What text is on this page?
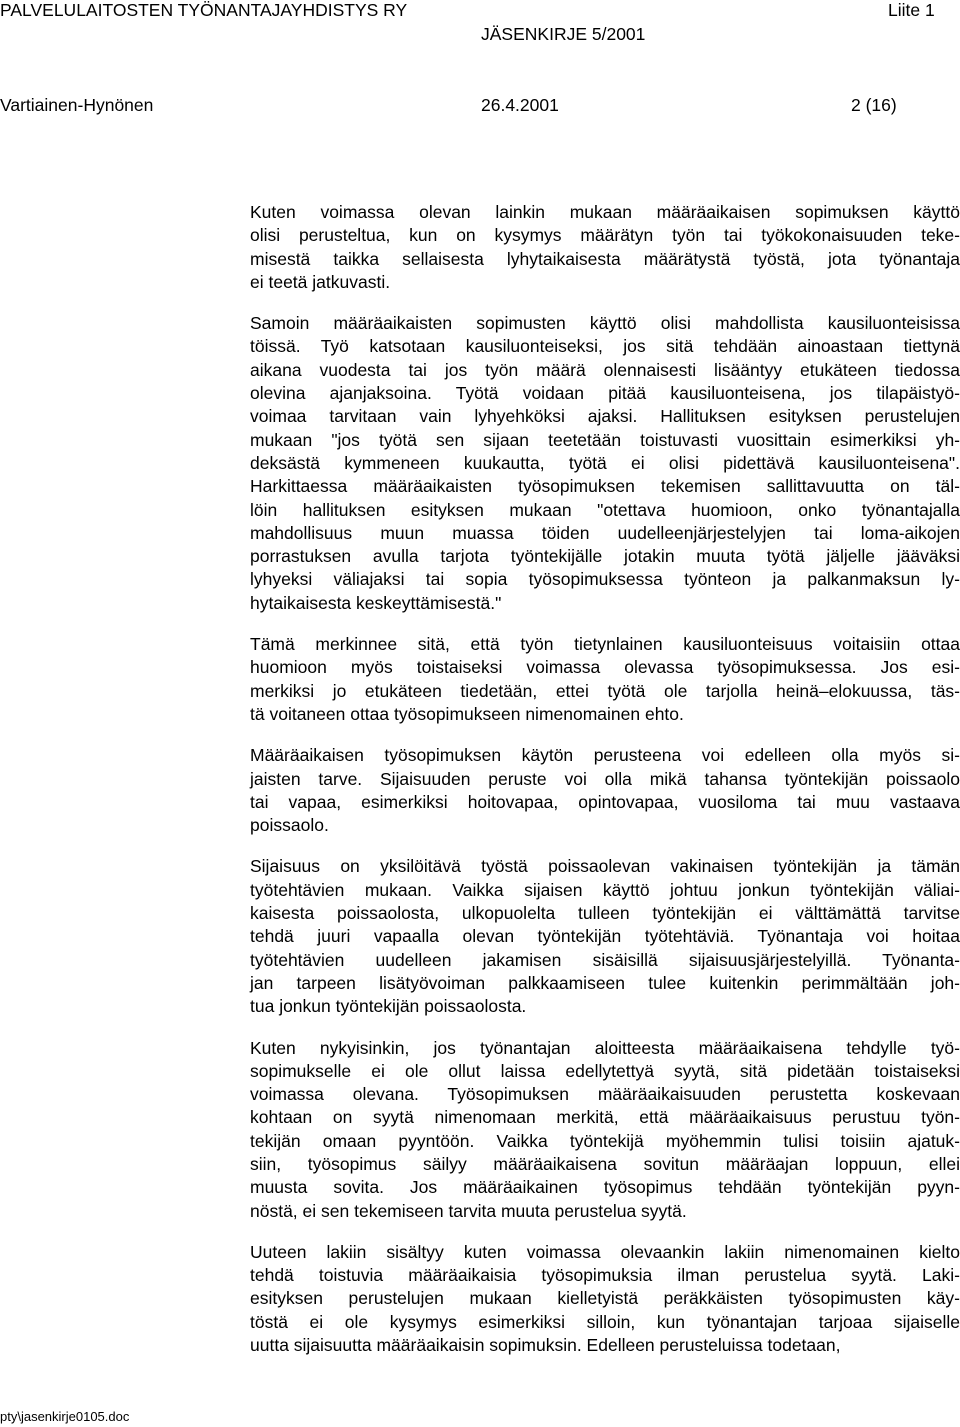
PALVELULAITOSTEN TYÖNANTAJAYHDISTYS RY	Liite 1
JÄSENKIRJE 5/2001
Vartiainen-Hynönen	26.4.2001	2 (16)
Kuten voimassa olevan lainkin mukaan määräaikaisen sopimuksen käyttö
olisi perusteltua, kun on kysymys määrätyn työn tai työkokonaisuuden teke-
misestä taikka sellaisesta lyhytaikaisesta määrätystä työstä, jota työnantaja
ei teetä jatkuvasti.
Samoin määräaikaisten sopimusten käyttö olisi mahdollista kausiluonteisissa
töissä. Työ katsotaan kausiluonteiseksi, jos sitä tehdään ainoastaan tiettynä
aikana vuodesta tai jos työn määrä olennaisesti lisääntyy etukäteen tiedossa
olevina ajanjaksoina. Työtä voidaan pitää kausiluonteisena, jos tilapäistyö-
voimaa tarvitaan vain lyhyehköksi ajaksi. Hallituksen esityksen perustelujen
mukaan "jos työtä sen sijaan teetetään toistuvasti vuosittain esimerkiksi yh-
deksästä kymmeneen kuukautta, työtä ei olisi pidettävä kausiluonteisena".
Harkittaessa määräaikaisten työsopimuksen tekemisen sallittavuutta on täl-
löin hallituksen esityksen mukaan "otettava huomioon, onko työnantajalla
mahdollisuus muun muassa töiden uudelleenjärjestelyjen tai loma-aikojen
porrastuksen avulla tarjota työntekijälle jotakin muuta työtä jäljelle jääväksi
lyhyeksi väliajaksi tai sopia työsopimuksessa työnteon ja palkanmaksun ly-
hytaikaisesta keskeyttämisestä."
Tämä merkinnee sitä, että työn tietynlainen kausiluonteisuus voitaisiin ottaa
huomioon myös toistaiseksi voimassa olevassa työsopimuksessa. Jos esi-
merkiksi jo etukäteen tiedetään, ettei työtä ole tarjolla heinä–elokuussa, täs-
tä voitaneen ottaa työsopimukseen nimenomainen ehto.
Määräaikaisen työsopimuksen käytön perusteena voi edelleen olla myös si-
jaisten tarve. Sijaisuuden peruste voi olla mikä tahansa työntekijän poissaolo
tai vapaa, esimerkiksi hoitovapaa, opintovapaa, vuosiloma tai muu vastaava
poissaolo.
Sijaisuus on yksilöitävä työstä poissaolevan vakinaisen työntekijän ja tämän
työtehtävien mukaan. Vaikka sijaisen käyttö johtuu jonkun työntekijän väliai-
kaisesta poissaolosta, ulkopuolelta tulleen työntekijän ei välttämättä tarvitse
tehdä juuri vapaalla olevan työntekijän työtehtäviä. Työnantaja voi hoitaa
työtehtävien uudelleen jakamisen sisäisillä sijaisuusjärjestelyillä. Työnanta-
jan tarpeen lisätyövoiman palkkaamiseen tulee kuitenkin perimmältään joh-
tua jonkun työntekijän poissaolosta.
Kuten nykyisinkin, jos työnantajan aloitteesta määräaikaisena tehdylle työ-
sopimukselle ei ole ollut laissa edellytettyä syytä, sitä pidetään toistaiseksi
voimassa olevana. Työsopimuksen määräaikaisuuden perustetta koskevaan
kohtaan on syytä nimenomaan merkitä, että määräaikaisuus perustuu työn-
tekijän omaan pyyntöön. Vaikka työntekijä myöhemmin tulisi toisiin ajatuk-
siin, työsopimus säilyy määräaikaisena sovitun määräajan loppuun, ellei
muusta sovita. Jos määräaikainen työsopimus tehdään työntekijän pyyn-
nöstä, ei sen tekemiseen tarvita muuta perustelua syytä.
Uuteen lakiin sisältyy kuten voimassa olevaankin lakiin nimenomainen kielto
tehdä toistuvia määräaikaisia työsopimuksia ilman perustelua syytä. Laki-
esityksen perustelujen mukaan kielletyistä peräkkäisten työsopimusten käy-
töstä ei ole kysymys esimerkiksi silloin, kun työnantajan tarjoaa sijaiselle
uutta sijaisuutta määräaikaisin sopimuksin. Edelleen perusteluissa todetaan,
pty\jasenkirje0105.doc
